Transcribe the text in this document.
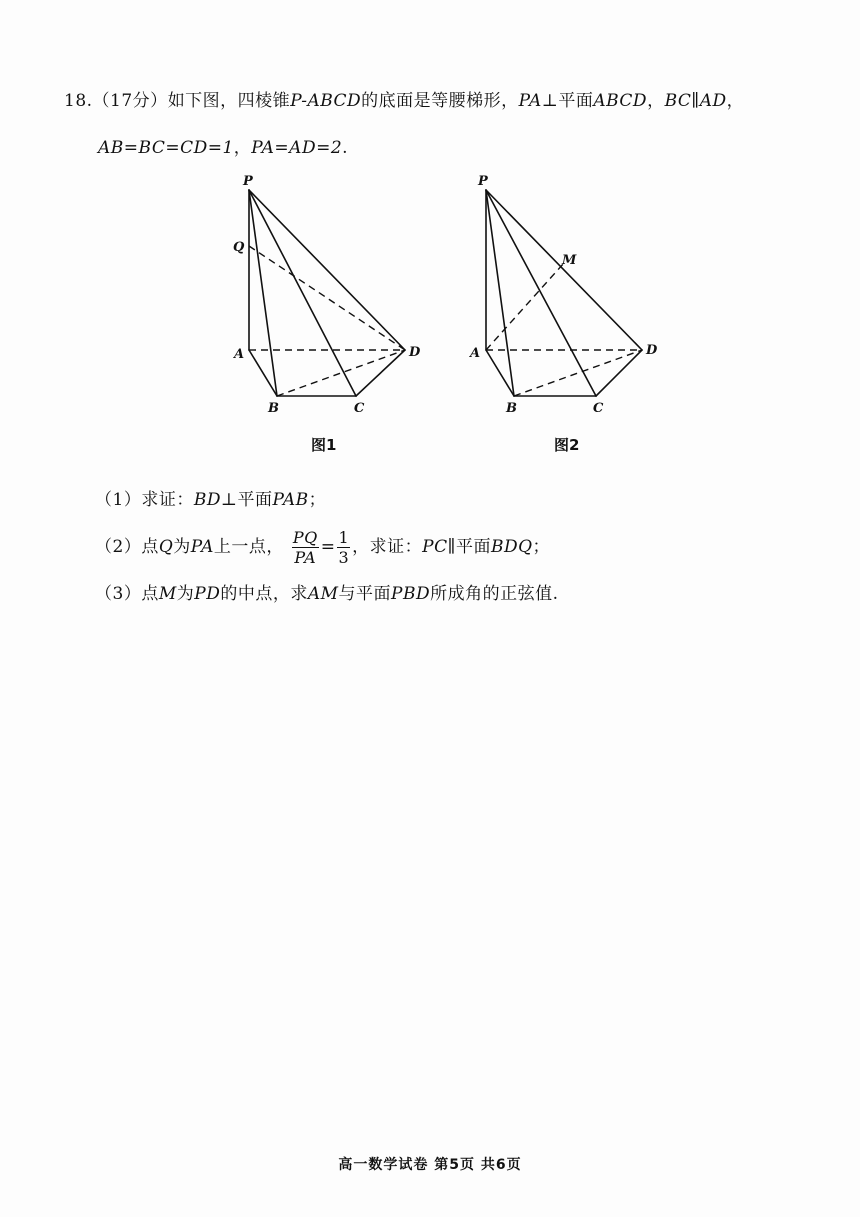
18.（17分）如下图，四棱锥P-ABCD的底面是等腰梯形，PA⊥平面ABCD，BC∥AD，
AB=BC=CD=1，PA=AD=2.
P
Q
A
B	C
D
图1
P
M
A
B	C
D
图2
（1）求证：BD⊥平面PAB；
（2）点Q为PA上一点， $\frac{PQ}{PA} = \frac{1}{3}$ ，求证：PC∥平面BDQ；
（3）点M为PD的中点，求AM与平面PBD所成角的正弦值.
高一数学试卷 第5页 共6页
